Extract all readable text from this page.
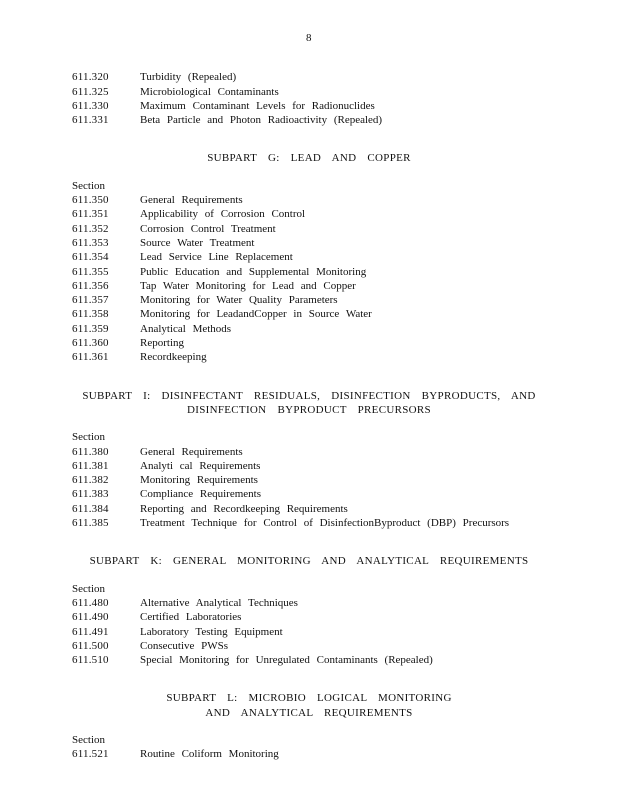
8
611.320	Turbidity (Repealed)
611.325	Microbiological Contaminants
611.330	Maximum Contaminant Levels for Radionuclides
611.331	Beta Particle and Photon Radioactivity (Repealed)
SUBPART G: LEAD AND COPPER
Section
611.350	General Requirements
611.351	Applicability of Corrosion Control
611.352	Corrosion Control Treatment
611.353	Source Water Treatment
611.354	Lead Service Line Replacement
611.355	Public Education and Supplemental Monitoring
611.356	Tap Water Monitoring for Lead and Copper
611.357	Monitoring for Water Quality Parameters
611.358	Monitoring for LeadandCopper in Source Water
611.359	Analytical Methods
611.360	Reporting
611.361	Recordkeeping
SUBPART I: DISINFECTANT RESIDUALS, DISINFECTION BYPRODUCTS, AND
DISINFECTION BYPRODUCT PRECURSORS
Section
611.380	General Requirements
611.381	Analyti cal Requirements
611.382	Monitoring Requirements
611.383	Compliance Requirements
611.384	Reporting and Recordkeeping Requirements
611.385	Treatment Technique for Control of DisinfectionByproduct (DBP) Precursors
SUBPART K: GENERAL MONITORING AND ANALYTICAL REQUIREMENTS
Section
611.480	Alternative Analytical Techniques
611.490	Certified Laboratories
611.491	Laboratory Testing Equipment
611.500	Consecutive PWSs
611.510	Special Monitoring for Unregulated Contaminants (Repealed)
SUBPART L: MICROBIO LOGICAL MONITORING
AND ANALYTICAL REQUIREMENTS
Section
611.521	Routine Coliform Monitoring
